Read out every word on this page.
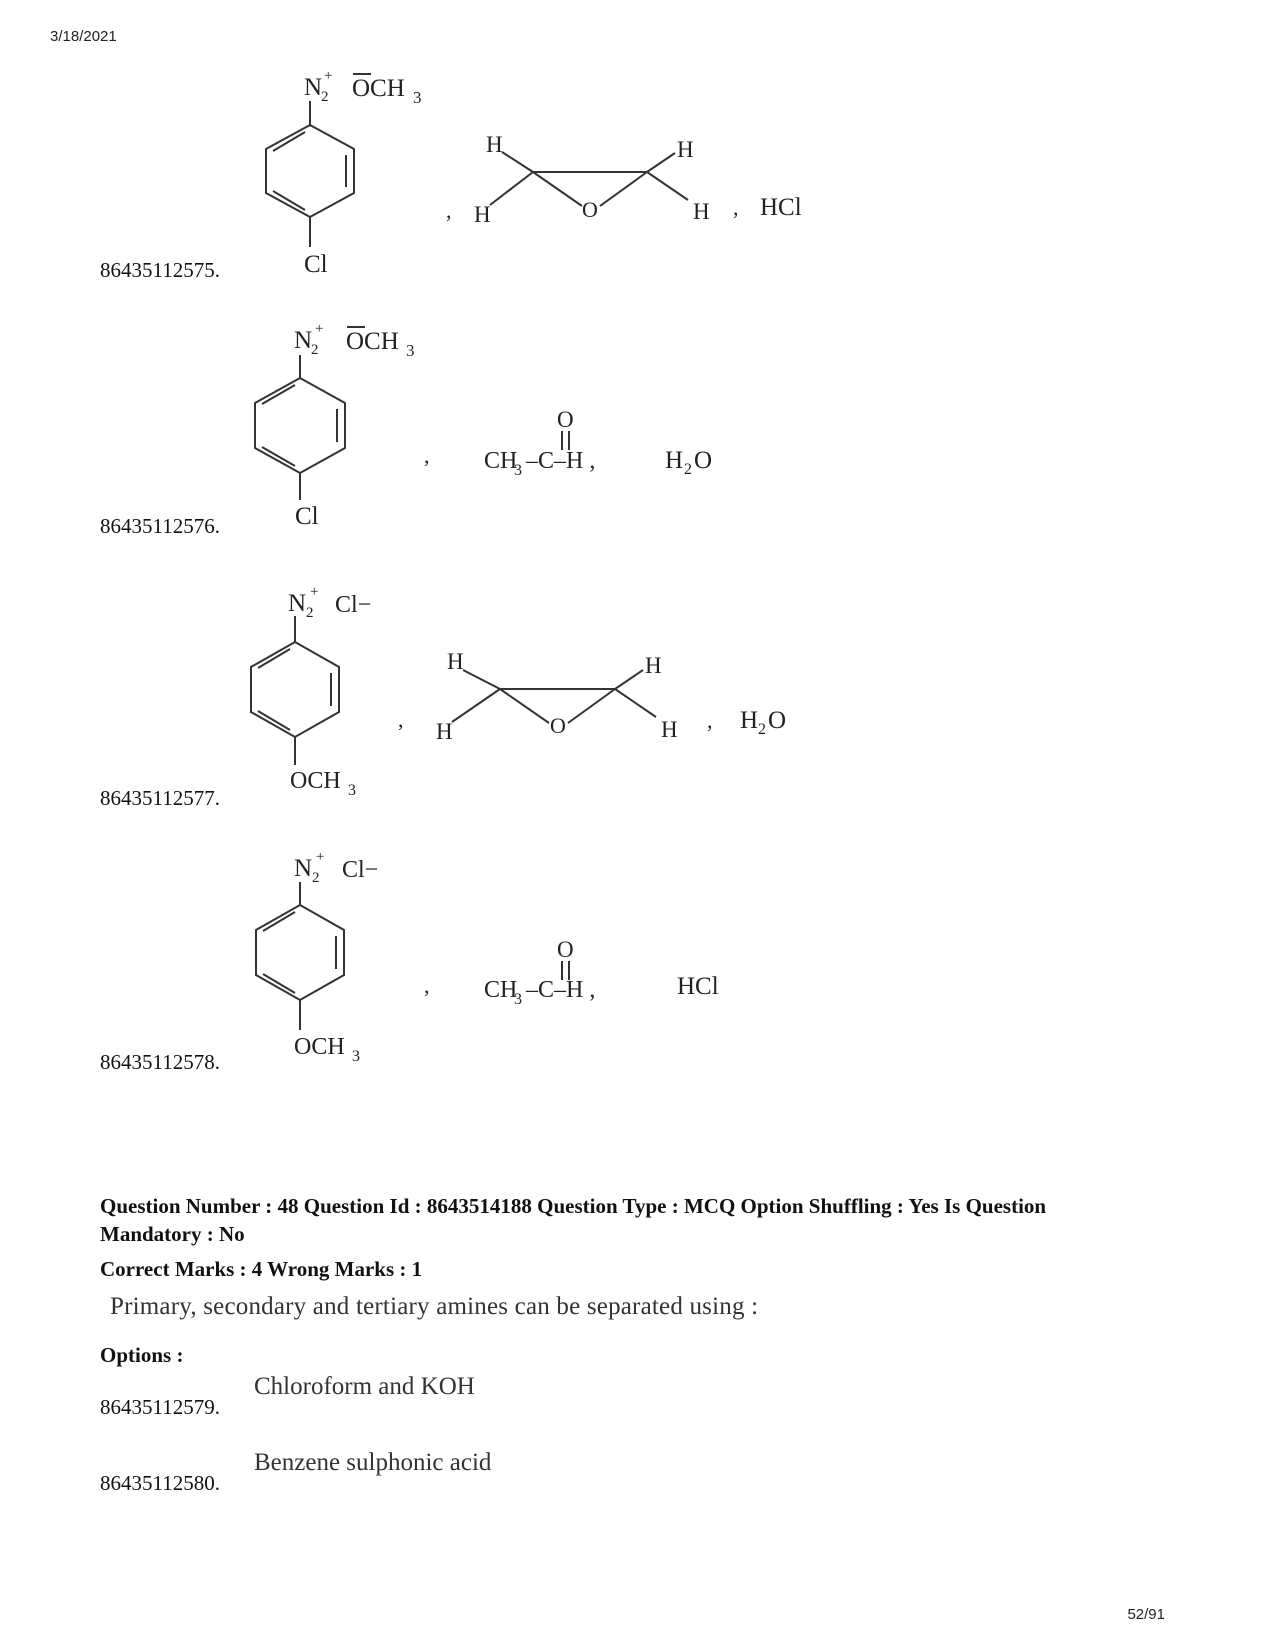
3/18/2021
86435112575.
86435112576.
86435112577.
86435112578.
N
2
+ OCH 3
Cl
,
H
H	O
H
H , HCl
N
2
+ OCH 3
Cl
, CH
3 –C–H ,
O
H 2 O
N 2
+ Cl−
OCH 3
,
H
H	O
H
H , H 2 O
N 2
+ Cl−
OCH 3
, CH
3 –C–H ,
O
HCl
Question Number : 48 Question Id : 8643514188 Question Type : MCQ Option Shuffling : Yes Is Question Mandatory : No
Correct Marks : 4 Wrong Marks : 1
Primary, secondary and tertiary amines can be separated using :
Options :
86435112579.
Chloroform and KOH
86435112580.
Benzene sulphonic acid
52/91
